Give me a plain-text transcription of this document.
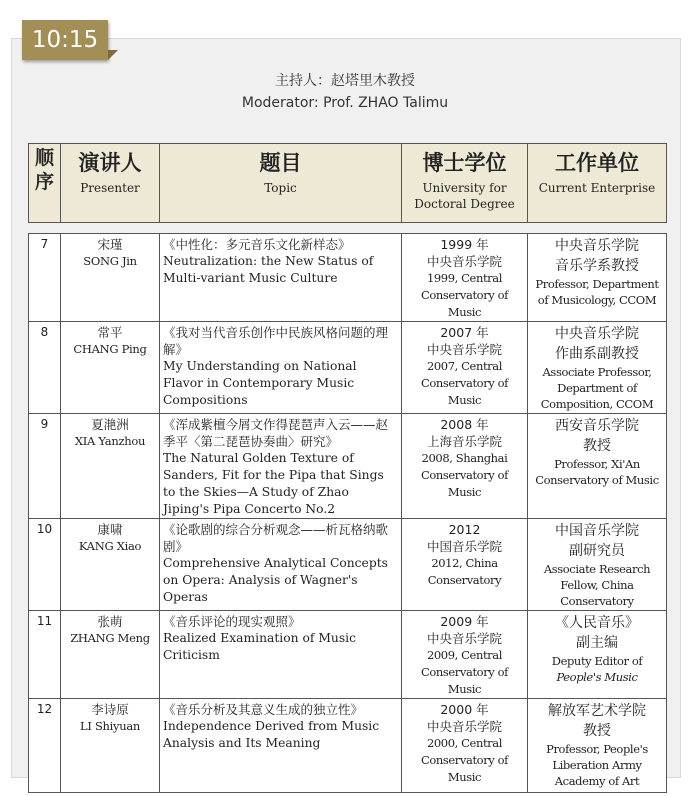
10:15
主持人：赵塔里木教授
Moderator: Prof. ZHAO Talimu
顺序

演讲人
Presenter

题目
Topic

博士学位
University for Doctoral Degree

工作单位
Current Enterprise
7	宋瑾
SONG Jin	《中性化：多元音乐文化新样态》
Neutralization: the New Status of Multi-variant Music Culture	1999 年
中央音乐学院
1999, Central Conservatory of Music	中央音乐学院
音乐学系教授
Professor, Department of Musicology, CCOM

8	常平
CHANG Ping	《我对当代音乐创作中民族风格问题的理解》
My Understanding on National Flavor in Contemporary Music Compositions	2007 年
中央音乐学院
2007, Central Conservatory of Music	中央音乐学院
作曲系副教授
Associate Professor, Department of Composition, CCOM

9	夏滟洲
XIA Yanzhou	《浑成紫檀今屑文作得琵琶声入云——赵季平〈第二琵琶协奏曲〉研究》
The Natural Golden Texture of Sanders, Fit for the Pipa that Sings to the Skies—A Study of Zhao Jiping's Pipa Concerto No.2	2008 年
上海音乐学院
2008, Shanghai Conservatory of Music	西安音乐学院
教授
Professor, Xi'An Conservatory of Music

10	康啸
KANG Xiao	《论歌剧的综合分析观念——析瓦格纳歌剧》
Comprehensive Analytical Concepts on Opera: Analysis of Wagner's Operas	2012
中国音乐学院
2012, China Conservatory	中国音乐学院
副研究员
Associate Research Fellow, China Conservatory

11	张萌
ZHANG Meng	《音乐评论的现实观照》
Realized Examination of Music Criticism	2009 年
中央音乐学院
2009, Central Conservatory of Music	《人民音乐》
副主编
Deputy Editor of
People's Music

12	李诗原
LI Shiyuan	《音乐分析及其意义生成的独立性》
Independence Derived from Music Analysis and Its Meaning	2000 年
中央音乐学院
2000, Central Conservatory of Music	解放军艺术学院
教授
Professor, People's Liberation Army Academy of Art
